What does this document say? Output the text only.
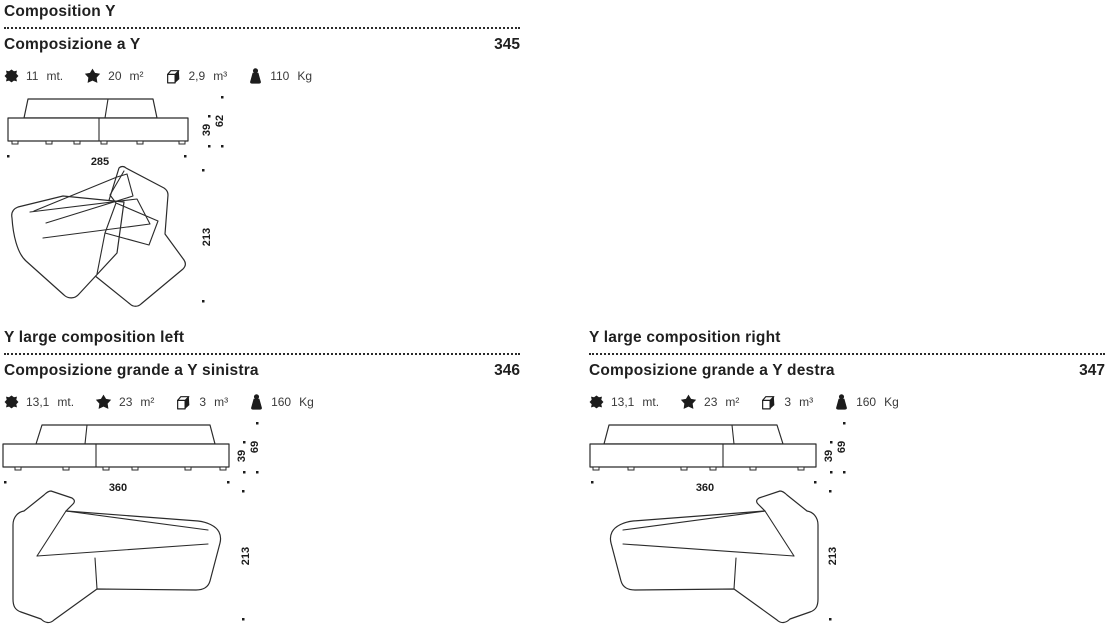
Composition Y
Composizione a Y	345
11 mt.	20 m²	2,9 m³	110 Kg
285
39
62
213
Y large composition left
Composizione grande a Y sinistra	346
13,1 mt.	23 m²	3 m³	160 Kg
360
39
69
213
Y large composition right
Composizione grande a Y destra	347
13,1 mt.	23 m²	3 m³	160 Kg
360
39
69
213
